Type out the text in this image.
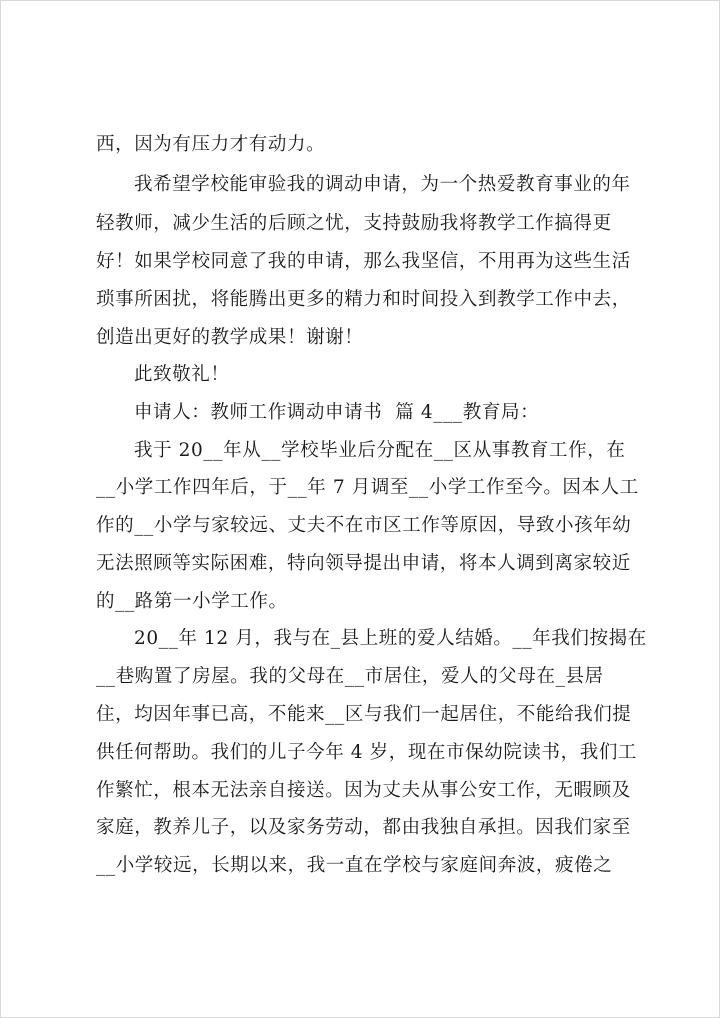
西，因为有压力才有动力。
我希望学校能审验我的调动申请，为一个热爱教育事业的年
轻教师，减少生活的后顾之忧，支持鼓励我将教学工作搞得更
好！如果学校同意了我的申请，那么我坚信，不用再为这些生活
琐事所困扰，将能腾出更多的精力和时间投入到教学工作中去，
创造出更好的教学成果！谢谢！
此致敬礼！
申请人：教师工作调动申请书  篇 4___教育局：
我于 20__年从__学校毕业后分配在__区从事教育工作，在
__小学工作四年后，于__年 7 月调至__小学工作至今。因本人工
作的__小学与家较远、丈夫不在市区工作等原因，导致小孩年幼
无法照顾等实际困难，特向领导提出申请，将本人调到离家较近
的__路第一小学工作。
20__年 12 月，我与在_县上班的爱人结婚。__年我们按揭在
__巷购置了房屋。我的父母在__市居住，爱人的父母在_县居
住，均因年事已高，不能来__区与我们一起居住，不能给我们提
供任何帮助。我们的儿子今年 4 岁，现在市保幼院读书，我们工
作繁忙，根本无法亲自接送。因为丈夫从事公安工作，无暇顾及
家庭，教养儿子，以及家务劳动，都由我独自承担。因我们家至
__小学较远，长期以来，我一直在学校与家庭间奔波，疲倦之
